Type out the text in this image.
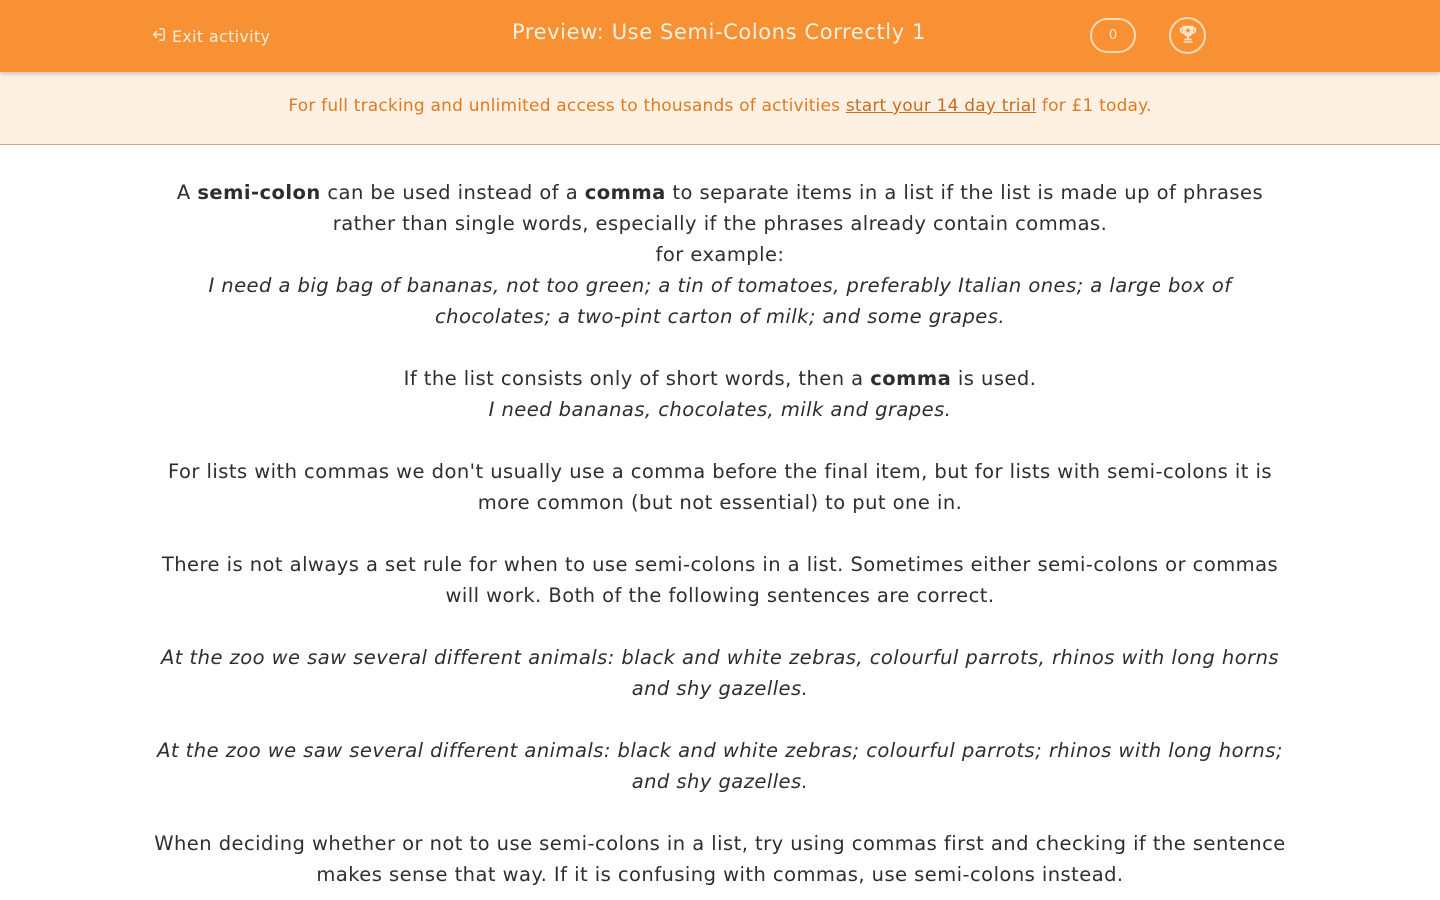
Exit activity	Preview: Use Semi-Colons Correctly 1	0
For full tracking and unlimited access to thousands of activities start your 14 day trial for £1 today.

A semi-colon can be used instead of a comma to separate items in a list if the list is made up of phrases rather than single words, especially if the phrases already contain commas.

for example:

I need a big bag of bananas, not too green; a tin of tomatoes, preferably Italian ones; a large box of chocolates; a two-pint carton of milk; and some grapes.

If the list consists only of short words, then a comma is used.

I need bananas, chocolates, milk and grapes.

For lists with commas we don't usually use a comma before the final item, but for lists with semi-colons it is more common (but not essential) to put one in.

There is not always a set rule for when to use semi-colons in a list. Sometimes either semi-colons or commas will work. Both of the following sentences are correct.

At the zoo we saw several different animals: black and white zebras, colourful parrots, rhinos with long horns and shy gazelles.

At the zoo we saw several different animals: black and white zebras; colourful parrots; rhinos with long horns; and shy gazelles.

When deciding whether or not to use semi-colons in a list, try using commas first and checking if the sentence makes sense that way. If it is confusing with commas, use semi-colons instead.
